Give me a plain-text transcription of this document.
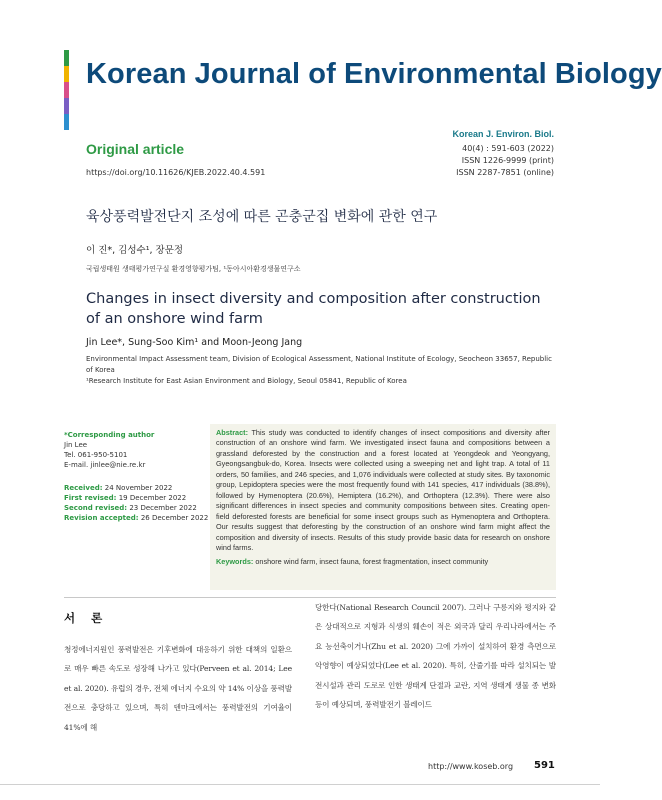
Korean Journal of Environmental Biology
Original article
https://doi.org/10.11626/KJEB.2022.40.4.591
Korean J. Environ. Biol.
40(4) : 591-603 (2022)
ISSN 1226-9999 (print)
ISSN 2287-7851 (online)
육상풍력발전단지 조성에 따른 곤충군집 변화에 관한 연구
이 진*, 김성수¹, 장문정
국립생태원 생태평가연구실 환경영향평가팀, ¹동아시아환경생물연구소
Changes in insect diversity and composition after construction of an onshore wind farm
Jin Lee*, Sung-Soo Kim¹ and Moon-Jeong Jang
Environmental Impact Assessment team, Division of Ecological Assessment, National Institute of Ecology, Seocheon 33657, Republic of Korea
¹Research Institute for East Asian Environment and Biology, Seoul 05841, Republic of Korea
*Corresponding author
Jin Lee
Tel. 061-950-5101
E-mail. jinlee@nie.re.kr
Received: 24 November 2022
First revised: 19 December 2022
Second revised: 23 December 2022
Revision accepted: 26 December 2022
Abstract: This study was conducted to identify changes of insect compositions and diversity after construction of an onshore wind farm. We investigated insect fauna and compositions between a grassland deforested by the construction and a forest located at Yeongdeok and Yeongyang, Gyeongsangbuk-do, Korea. Insects were collected using a sweeping net and light trap. A total of 11 orders, 50 families, and 246 species, and 1,076 individuals were collected at study sites. By taxonomic group, Lepidoptera species were the most frequently found with 141 species, 417 individuals (38.8%), followed by Hymenoptera (20.6%), Hemiptera (16.2%), and Orthoptera (12.3%). There were also significant differences in insect species and community compositions between sites. Creating open-field deforested forests are beneficial for some insect groups such as Hymenoptera and Orthoptera. Our results suggest that deforesting by the construction of an onshore wind farm might affect the composition and diversity of insects. Results of this study provide basic data for research on onshore wind farms.
Keywords: onshore wind farm, insect fauna, forest fragmentation, insect community
서 론
청정에너지원인 풍력발전은 기후변화에 대응하기 위한 대책의 일환으로 매우 빠른 속도로 성장해 나가고 있다(Perveen et al. 2014; Lee et al. 2020). 유럽의 경우, 전체 에너지 수요의 약 14% 이상을 풍력발전으로 충당하고 있으며, 특히 덴마크에서는 풍력발전의 기여율이 41%에 해
당한다(National Research Council 2007). 그러나 구릉지와 평지와 같은 상대적으로 지형과 식생의 훼손이 적은 외국과 달리 우리나라에서는 주요 능선축이거나(Zhu et al. 2020) 그에 가까이 설치하여 환경 측면으로 악영향이 예상되었다(Lee et al. 2020). 특히, 산줄기를 따라 설치되는 발전시설과 관리 도로로 인한 생태계 단절과 교란, 지역 생태계 생물 종 변화 등이 예상되며, 풍력발전기 블레이드
http://www.koseb.org 591
